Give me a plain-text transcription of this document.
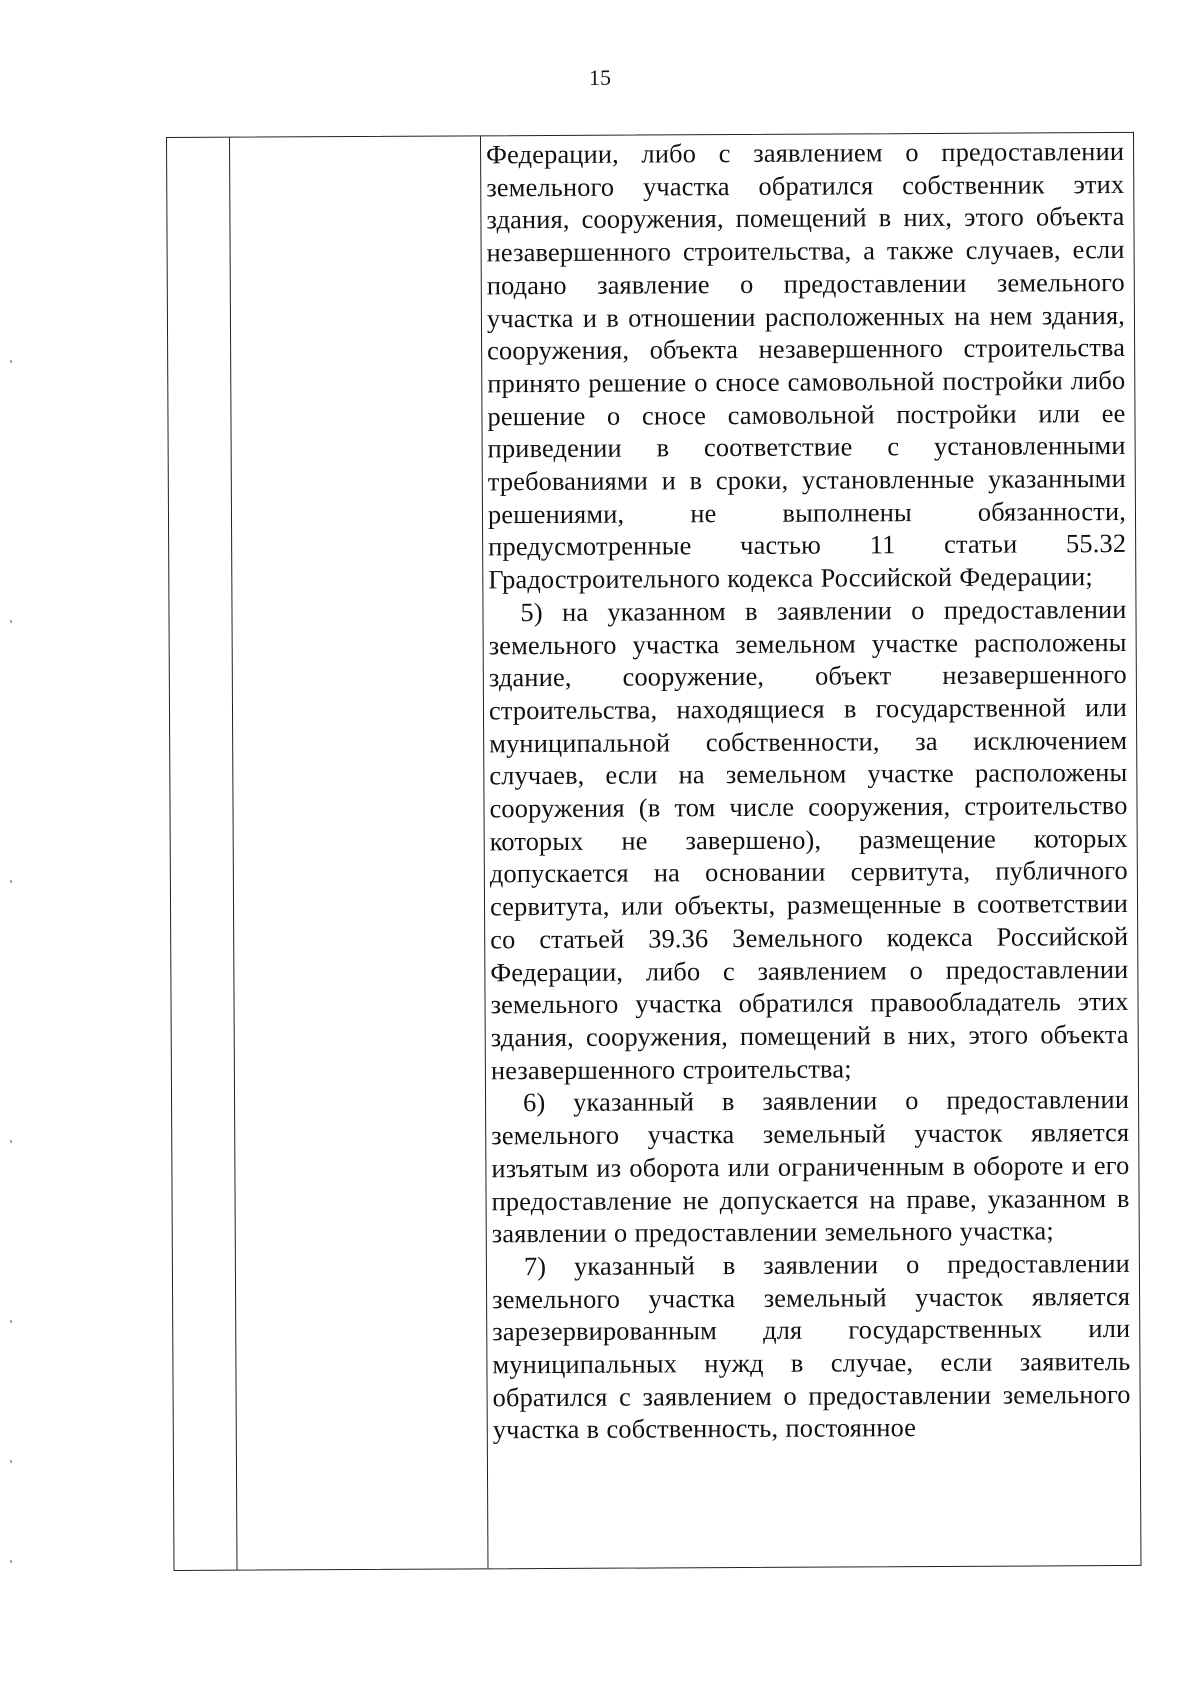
15

Федерации, либо с заявлением о предоставлении земельного участка обратился собственник этих здания, сооружения, помещений в них, этого объекта незавершенного строительства, а также случаев, если подано заявление о предоставлении земельного участка и в отношении расположенных на нем здания, сооружения, объекта незавершенного строительства принято решение о сносе самовольной постройки либо решение о сносе самовольной постройки или ее приведении в соответствие с установленными требованиями и в сроки, установленные указанными решениями, не выполнены обязанности, предусмотренные частью 11 статьи 55.32 Градостроительного кодекса Российской Федерации;

5) на указанном в заявлении о предоставлении земельного участка земельном участке расположены здание, сооружение, объект незавершенного строительства, находящиеся в государственной или муниципальной собственности, за исключением случаев, если на земельном участке расположены сооружения (в том числе сооружения, строительство которых не завершено), размещение которых допускается на основании сервитута, публичного сервитута, или объекты, размещенные в соответствии со статьей 39.36 Земельного кодекса Российской Федерации, либо с заявлением о предоставлении земельного участка обратился правообладатель этих здания, сооружения, помещений в них, этого объекта незавершенного строительства;

6) указанный в заявлении о предоставлении земельного участка земельный участок является изъятым из оборота или ограниченным в обороте и его предоставление не допускается на праве, указанном в заявлении о предоставлении земельного участка;

7) указанный в заявлении о предоставлении земельного участка земельный участок является зарезервированным для государственных или муниципальных нужд в случае, если заявитель обратился с заявлением о предоставлении земельного участка в собственность, постоянное
